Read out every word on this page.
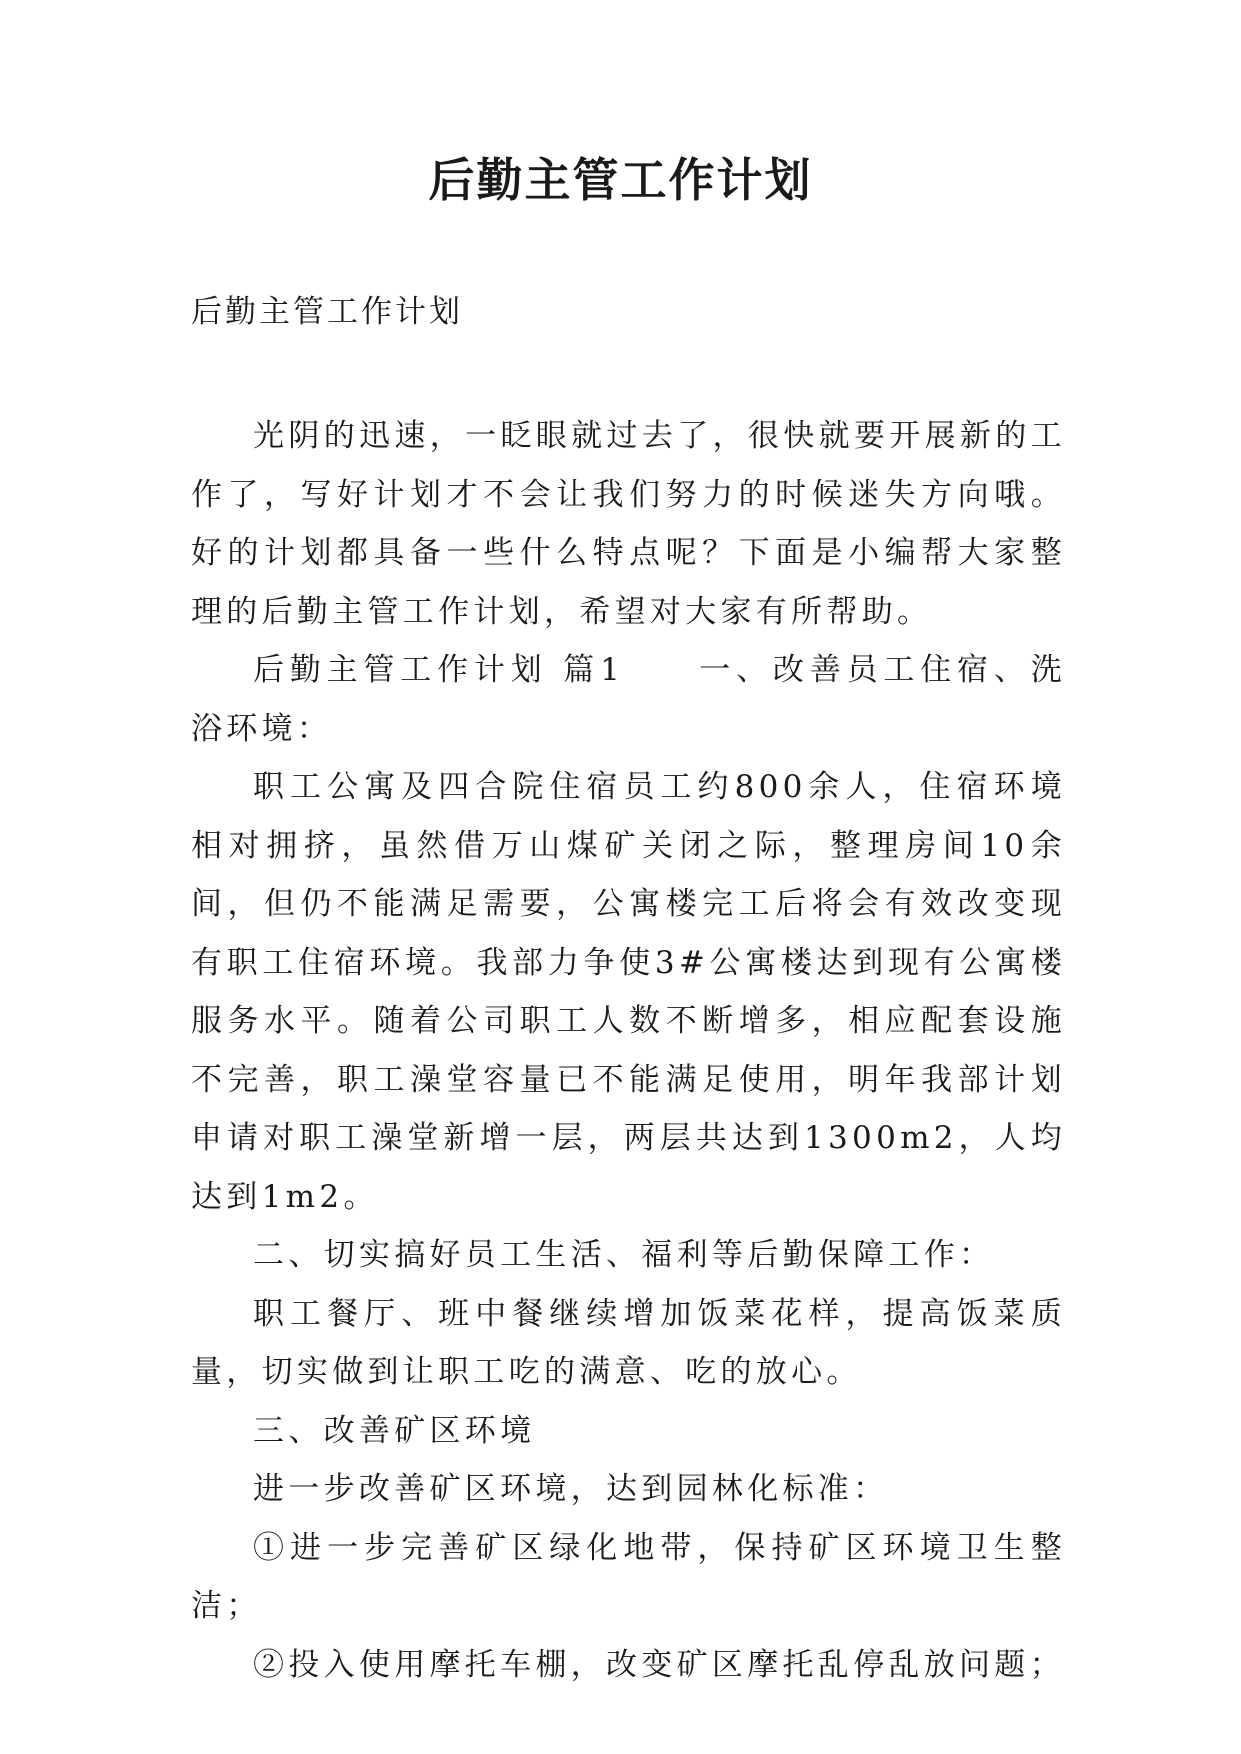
后勤主管工作计划
后勤主管工作计划

光阴的迅速，一眨眼就过去了，很快就要开展新的工作了，写好计划才不会让我们努力的时候迷失方向哦。好的计划都具备一些什么特点呢？下面是小编帮大家整理的后勤主管工作计划，希望对大家有所帮助。

后勤主管工作计划 篇1　　一、改善员工住宿、洗浴环境：

职工公寓及四合院住宿员工约800余人，住宿环境相对拥挤，虽然借万山煤矿关闭之际，整理房间10余间，但仍不能满足需要，公寓楼完工后将会有效改变现有职工住宿环境。我部力争使3#公寓楼达到现有公寓楼服务水平。随着公司职工人数不断增多，相应配套设施不完善，职工澡堂容量已不能满足使用，明年我部计划申请对职工澡堂新增一层，两层共达到1300m2，人均达到1m2。

二、切实搞好员工生活、福利等后勤保障工作：

职工餐厅、班中餐继续增加饭菜花样，提高饭菜质量，切实做到让职工吃的满意、吃的放心。

三、改善矿区环境

进一步改善矿区环境，达到园林化标准：

①进一步完善矿区绿化地带，保持矿区环境卫生整洁；

②投入使用摩托车棚，改变矿区摩托乱停乱放问题；
